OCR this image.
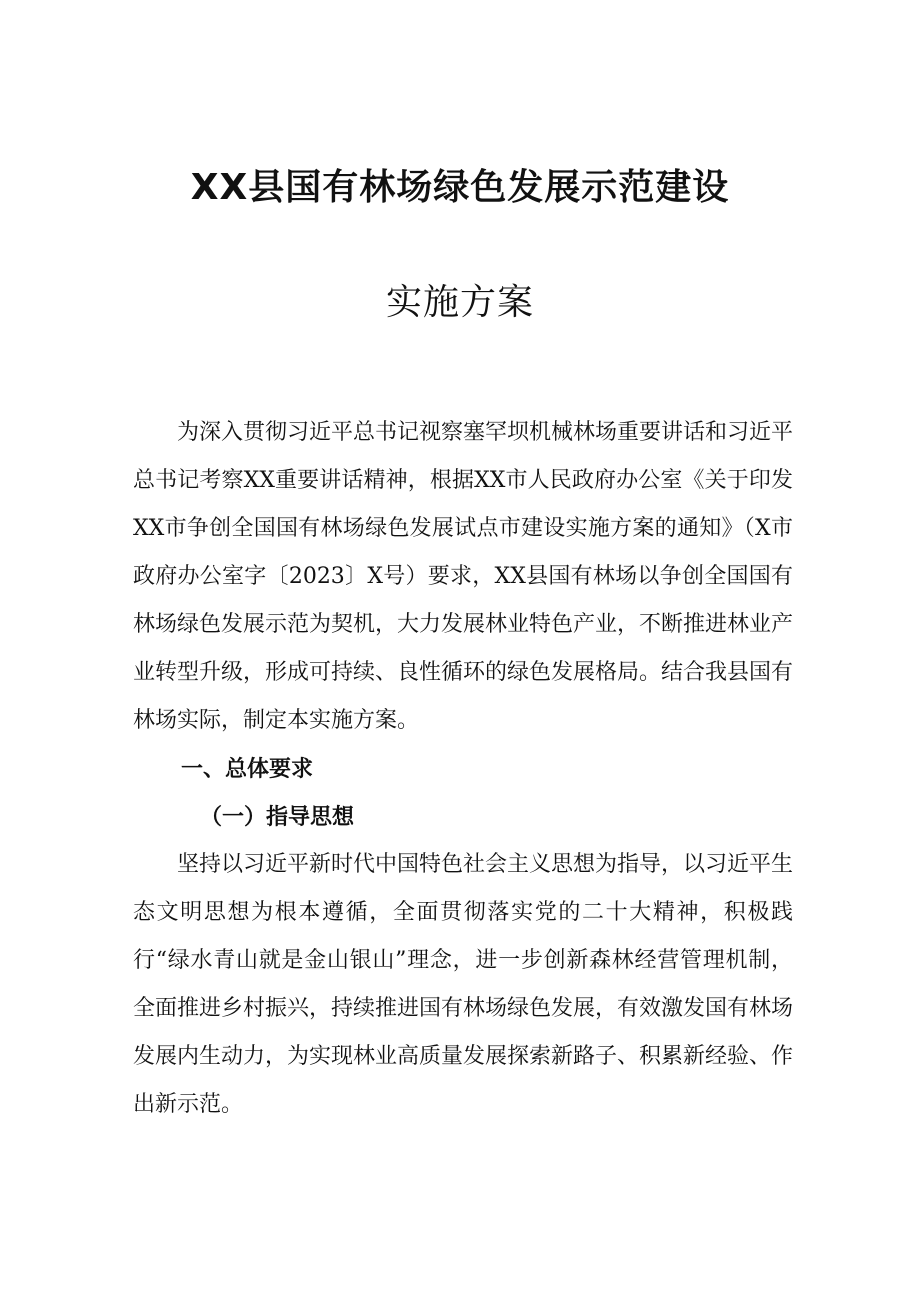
XX县国有林场绿色发展示范建设
实施方案

为深入贯彻习近平总书记视察塞罕坝机械林场重要讲话和习近平总书记考察XX重要讲话精神，根据XX市人民政府办公室《关于印发XX市争创全国国有林场绿色发展试点市建设实施方案的通知》（X市政府办公室字〔2023〕X号）要求，XX县国有林场以争创全国国有林场绿色发展示范为契机，大力发展林业特色产业，不断推进林业产业转型升级，形成可持续、良性循环的绿色发展格局。结合我县国有林场实际，制定本实施方案。

一、总体要求
（一）指导思想

坚持以习近平新时代中国特色社会主义思想为指导，以习近平生态文明思想为根本遵循，全面贯彻落实党的二十大精神，积极践行“绿水青山就是金山银山”理念，进一步创新森林经营管理机制，全面推进乡村振兴，持续推进国有林场绿色发展，有效激发国有林场发展内生动力，为实现林业高质量发展探索新路子、积累新经验、作出新示范。
